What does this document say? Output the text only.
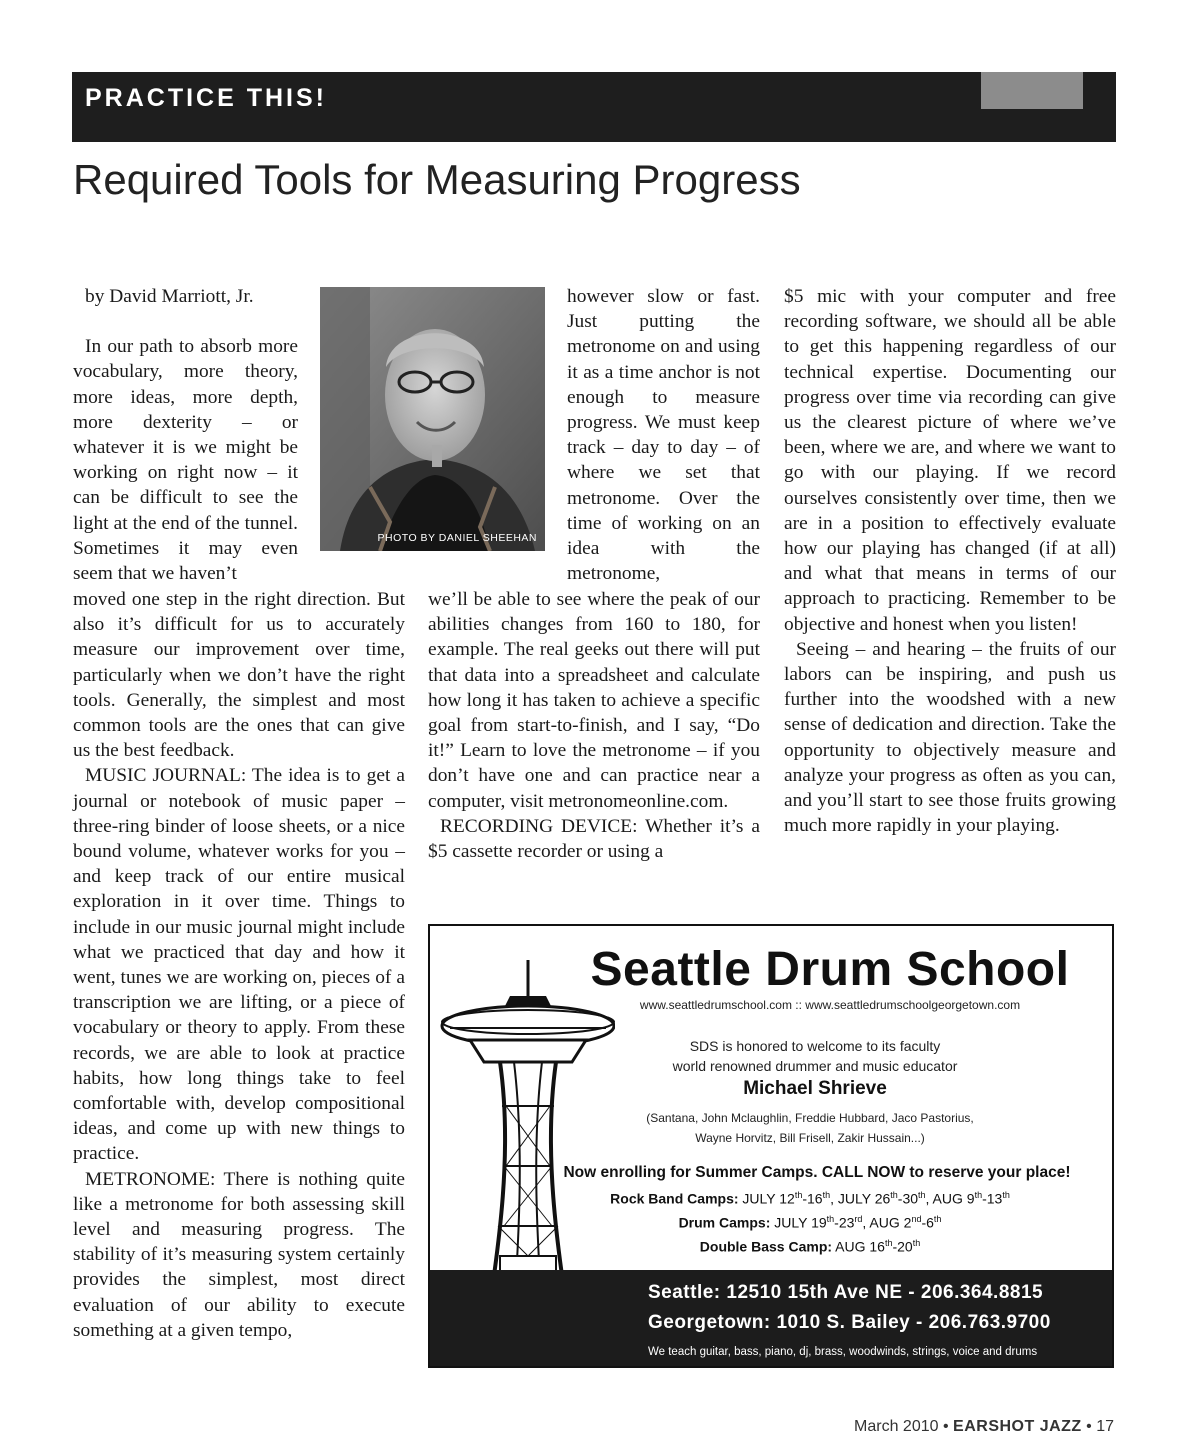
PRACTICE THIS!
Required Tools for Measuring Progress

by David Marriott, Jr.

In our path to absorb more vocabulary, more theory, more ideas, more depth, more dexterity – or whatever it is we might be working on right now – it can be difficult to see the light at the end of the tunnel. Sometimes it may even seem that we haven’t

PHOTO BY DANIEL SHEEHAN

moved one step in the right direction. But also it’s difficult for us to accurately measure our improvement over time, particularly when we don’t have the right tools. Generally, the simplest and most common tools are the ones that can give us the best feedback.

MUSIC JOURNAL: The idea is to get a journal or notebook of music paper – three-ring binder of loose sheets, or a nice bound volume, whatever works for you – and keep track of our entire musical exploration in it over time. Things to include in our music journal might include what we practiced that day and how it went, tunes we are working on, pieces of a transcription we are lifting, or a piece of vocabulary or theory to apply. From these records, we are able to look at practice habits, how long things take to feel comfortable with, develop compositional ideas, and come up with new things to practice.

METRONOME: There is nothing quite like a metronome for both assessing skill level and measuring progress. The stability of it’s measuring system certainly provides the simplest, most direct evaluation of our ability to execute something at a given tempo,

however slow or fast. Just putting the metronome on and using it as a time anchor is not enough to measure progress. We must keep track – day to day – of where we set that metronome. Over the time of working on an idea with the metronome,

we’ll be able to see where the peak of our abilities changes from 160 to 180, for example. The real geeks out there will put that data into a spreadsheet and calculate how long it has taken to achieve a specific goal from start-to-finish, and I say, “Do it!” Learn to love the metronome – if you don’t have one and can practice near a computer, visit metronomeonline.com.

RECORDING DEVICE: Whether it’s a $5 cassette recorder or using a

$5 mic with your computer and free recording software, we should all be able to get this happening regardless of our technical expertise. Documenting our progress over time via recording can give us the clearest picture of where we’ve been, where we are, and where we want to go with our playing. If we record ourselves consistently over time, then we are in a position to effectively evaluate how our playing has changed (if at all) and what that means in terms of our approach to practicing. Remember to be objective and honest when you listen!

Seeing – and hearing – the fruits of our labors can be inspiring, and push us further into the woodshed with a new sense of dedication and direction. Take the opportunity to objectively measure and analyze your progress as often as you can, and you’ll start to see those fruits growing much more rapidly in your playing.

Seattle Drum School
www.seattledrumschool.com :: www.seattledrumschoolgeorgetown.com
SDS is honored to welcome to its faculty
world renowned drummer and music educator
Michael Shrieve
(Santana, John Mclaughlin, Freddie Hubbard, Jaco Pastorius,
Wayne Horvitz, Bill Frisell, Zakir Hussain...)
Now enrolling for Summer Camps. CALL NOW to reserve your place!
Rock Band Camps: JULY 12th-16th, JULY 26th-30th, AUG 9th-13th
Drum Camps: JULY 19th-23rd, AUG 2nd-6th
Double Bass Camp: AUG 16th-20th
Seattle: 12510 15th Ave NE - 206.364.8815
Georgetown: 1010 S. Bailey - 206.763.9700
We teach guitar, bass, piano, dj, brass, woodwinds, strings, voice and drums
March 2010 • EARSHOT JAZZ • 17
